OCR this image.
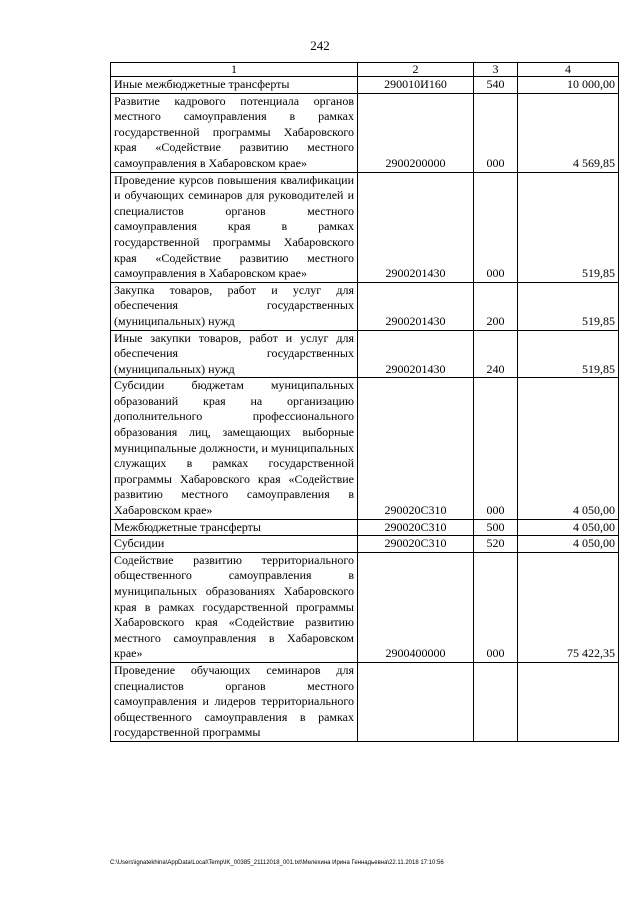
242
1	2	3	4
Иные межбюджетные трансферты	290010И160	540	10 000,00
Развитие кадрового потенциала органов местного самоуправления в рамках государственной программы Хабаровского края «Содействие развитию местного самоуправления в Хабаровском крае»	2900200000	000	4 569,85
Проведение курсов повышения квалификации и обучающих семинаров для руководителей и специалистов органов местного самоуправления края в рамках государственной программы Хабаровского края «Содействие развитию местного самоуправления в Хабаровском крае»	2900201430	000	519,85
Закупка товаров, работ и услуг для обеспечения государственных (муниципальных) нужд	2900201430	200	519,85
Иные закупки товаров, работ и услуг для обеспечения государственных (муниципальных) нужд	2900201430	240	519,85
Субсидии бюджетам муниципальных образований края на организацию дополнительного профессионального образования лиц, замещающих выборные муниципальные должности, и муниципальных служащих в рамках государственной программы Хабаровского края «Содействие развитию местного самоуправления в Хабаровском крае»	290020С310	000	4 050,00
Межбюджетные трансферты	290020С310	500	4 050,00
Субсидии	290020С310	520	4 050,00
Содействие развитию территориального общественного самоуправления в муниципальных образованиях Хабаровского края в рамках государственной программы Хабаровского края «Содействие развитию местного самоуправления в Хабаровском крае»	2900400000	000	75 422,35
Проведение обучающих семинаров для специалистов органов местного самоуправления и лидеров территориального общественного самоуправления в рамках государственной программы			
C:\Users\ignatekhina\AppData\Local\Temp\IK_00385_21112018_001.txt\Мелехина Ирина Геннадьевна\22.11.2018 17:10:56
